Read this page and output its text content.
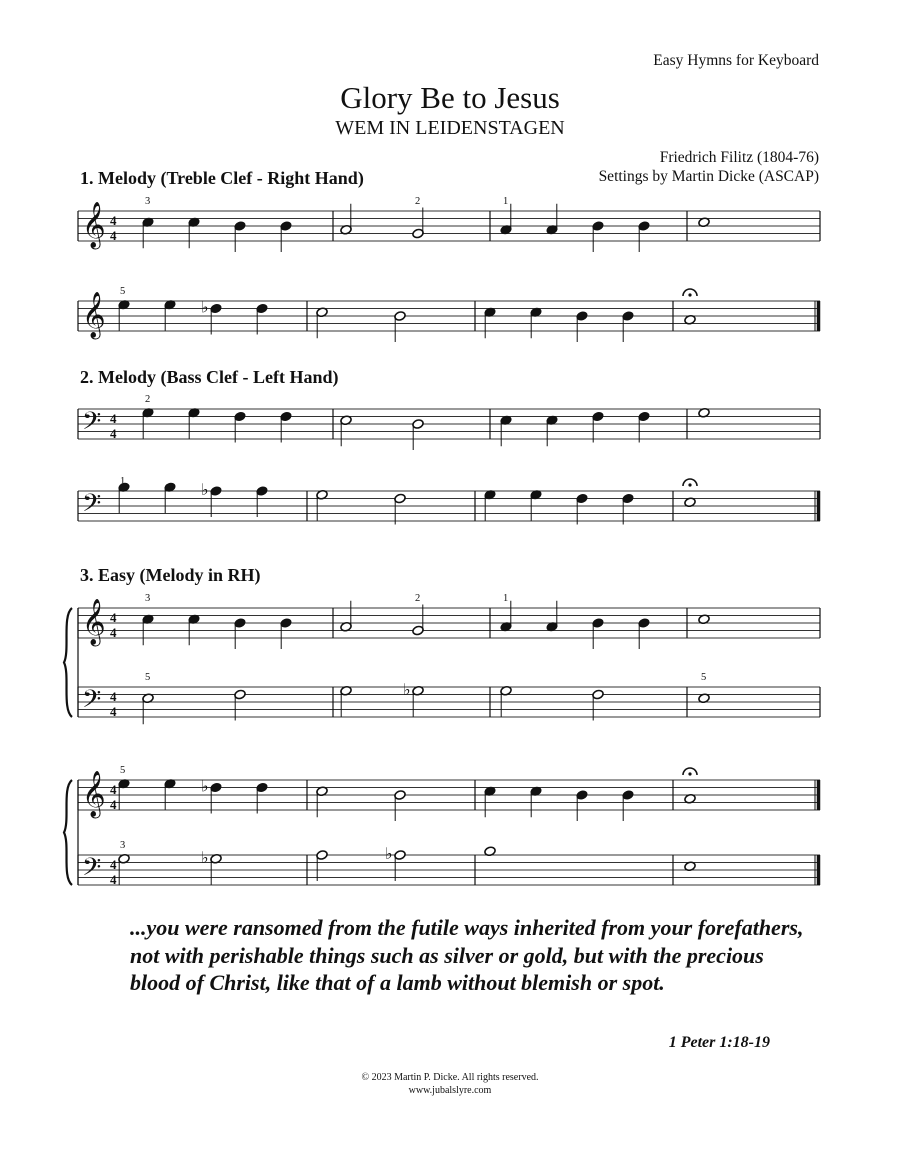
Easy Hymns for Keyboard
Glory Be to Jesus
WEM IN LEIDENSTAGEN
Friedrich Filitz (1804-76)
Settings by Martin Dicke (ASCAP)
1. Melody (Treble Clef - Right Hand)
2. Melody (Bass Clef - Left Hand)
3. Easy (Melody in RH)
𝄞 4
4
𝄞	♭
𝄢 4
4
𝄢	♭
𝄞 4
4
𝄢 4
4
♭
𝄞 4
4
♭
𝄢 4
4
♭	♭
3	2	1
5
2
1
3	2	1
5	5
5
3
...you were ransomed from the futile ways inherited from your forefathers, not with perishable things such as silver or gold, but with the precious blood of Christ, like that of a lamb without blemish or spot.
1 Peter 1:18-19
© 2023 Martin P. Dicke. All rights reserved.
www.jubalslyre.com
